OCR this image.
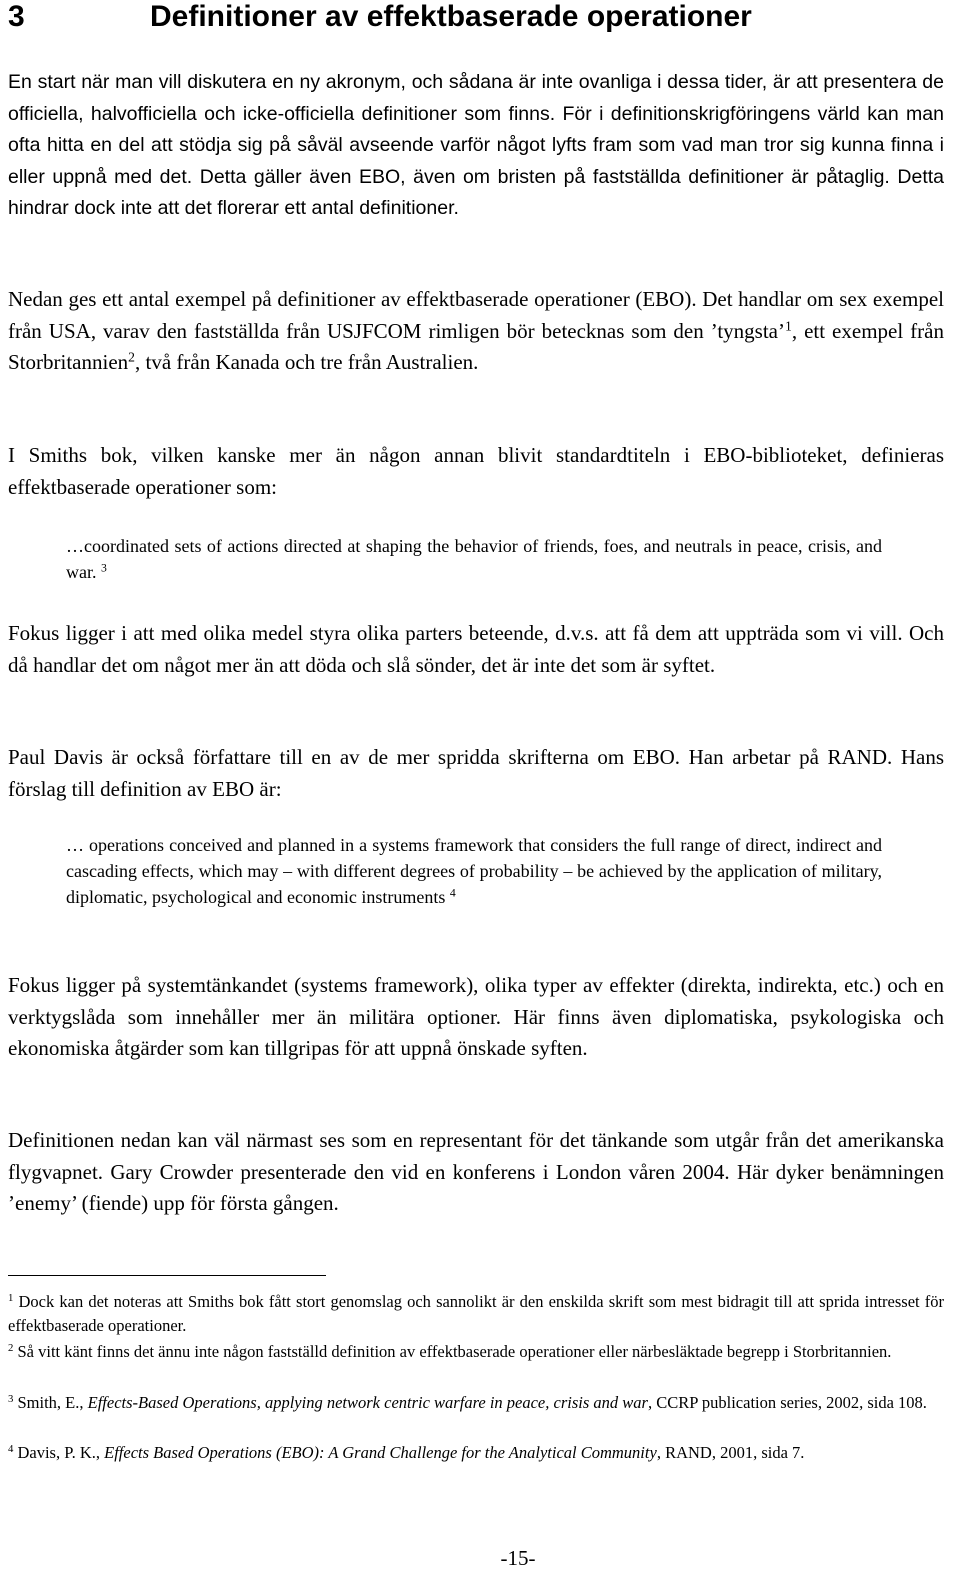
3	Definitioner av effektbaserade operationer

En start när man vill diskutera en ny akronym, och sådana är inte ovanliga i dessa tider, är att presentera de officiella, halvofficiella och icke-officiella definitioner som finns. För i definitionskrigföringens värld kan man ofta hitta en del att stödja sig på såväl avseende varför något lyfts fram som vad man tror sig kunna finna i eller uppnå med det. Detta gäller även EBO, även om bristen på fastställda definitioner är påtaglig. Detta hindrar dock inte att det florerar ett antal definitioner.

Nedan ges ett antal exempel på definitioner av effektbaserade operationer (EBO). Det handlar om sex exempel från USA, varav den fastställda från USJFCOM rimligen bör betecknas som den ’tyngsta’$^1$, ett exempel från Storbritannien$^2$, två från Kanada och tre från Australien.

I Smiths bok, vilken kanske mer än någon annan blivit standardtiteln i EBO-biblioteket, definieras effektbaserade operationer som:

…coordinated sets of actions directed at shaping the behavior of friends, foes, and neutrals in peace, crisis, and war. $^3$

Fokus ligger i att med olika medel styra olika parters beteende, d.v.s. att få dem att uppträda som vi vill. Och då handlar det om något mer än att döda och slå sönder, det är inte det som är syftet.

Paul Davis är också författare till en av de mer spridda skrifterna om EBO. Han arbetar på RAND. Hans förslag till definition av EBO är:

… operations conceived and planned in a systems framework that considers the full range of direct, indirect and cascading effects, which may – with different degrees of probability – be achieved by the application of military, diplomatic, psychological and economic instruments $^4$

Fokus ligger på systemtänkandet (systems framework), olika typer av effekter (direkta, indirekta, etc.) och en verktygslåda som innehåller mer än militära optioner. Här finns även diplomatiska, psykologiska och ekonomiska åtgärder som kan tillgripas för att uppnå önskade syften.

Definitionen nedan kan väl närmast ses som en representant för det tänkande som utgår från det amerikanska flygvapnet. Gary Crowder presenterade den vid en konferens i London våren 2004. Här dyker benämningen ’enemy’ (fiende) upp för första gången.

$^1$ Dock kan det noteras att Smiths bok fått stort genomslag och sannolikt är den enskilda skrift som mest bidragit till att sprida intresset för effektbaserade operationer.

$^2$ Så vitt känt finns det ännu inte någon fastställd definition av effektbaserade operationer eller närbesläktade begrepp i Storbritannien.

$^3$ Smith, E., Effects-Based Operations, applying network centric warfare in peace, crisis and war, CCRP publication series, 2002, sida 108.

$^4$ Davis, P. K., Effects Based Operations (EBO): A Grand Challenge for the Analytical Community, RAND, 2001, sida 7.

-15-
